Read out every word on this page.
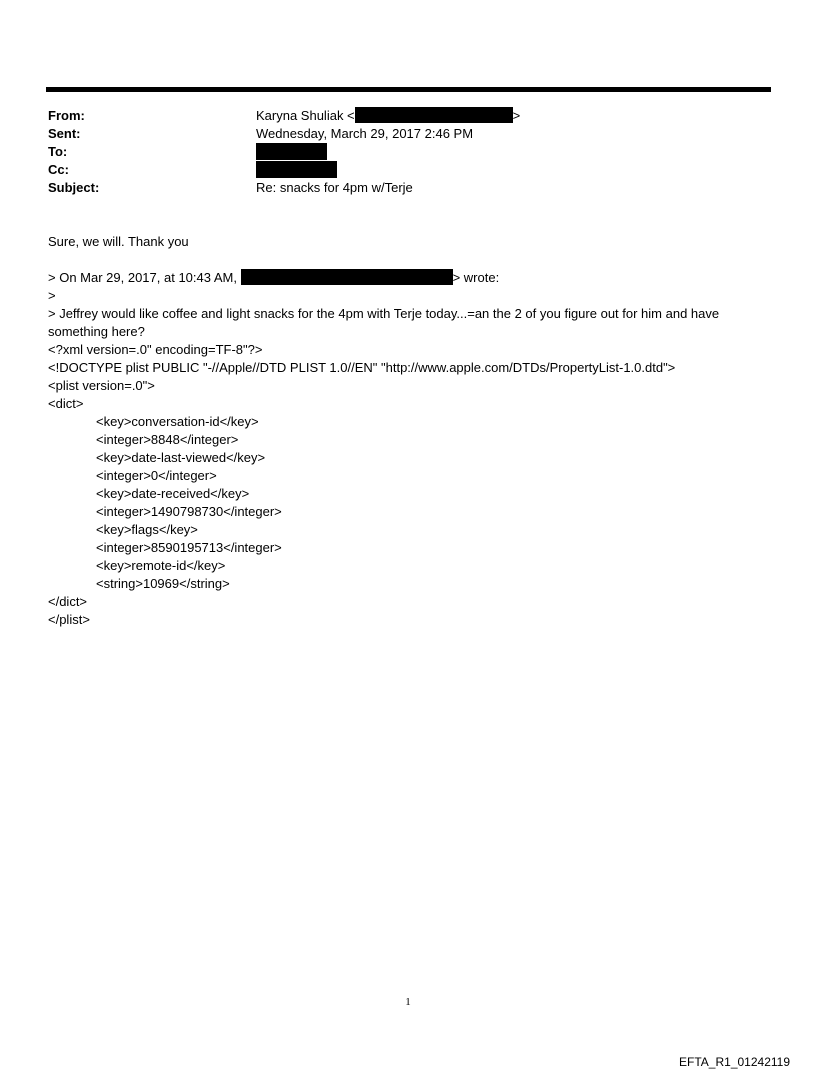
From:	Karyna Shuliak <	>
Sent:	Wednesday, March 29, 2017 2:46 PM
To:
Cc:
Subject:	Re: snacks for 4pm w/Terje
Sure, we will. Thank you
> On Mar 29, 2017, at 10:43 AM,	> wrote:
>
> Jeffrey would like coffee and light snacks for the 4pm with Terje today...=an the 2 of you figure out for him and have
something here?
<?xml version=.0" encoding=TF-8"?>
<!DOCTYPE plist PUBLIC "-//Apple//DTD PLIST 1.0//EN" "http://www.apple.com/DTDs/PropertyList-1.0.dtd">
<plist version=.0">
<dict>
<key>conversation-id</key>
<integer>8848</integer>
<key>date-last-viewed</key>
<integer>0</integer>
<key>date-received</key>
<integer>1490798730</integer>
<key>flags</key>
<integer>8590195713</integer>
<key>remote-id</key>
<string>10969</string>
</dict>
</plist>
1
EFTA_R1_01242119
